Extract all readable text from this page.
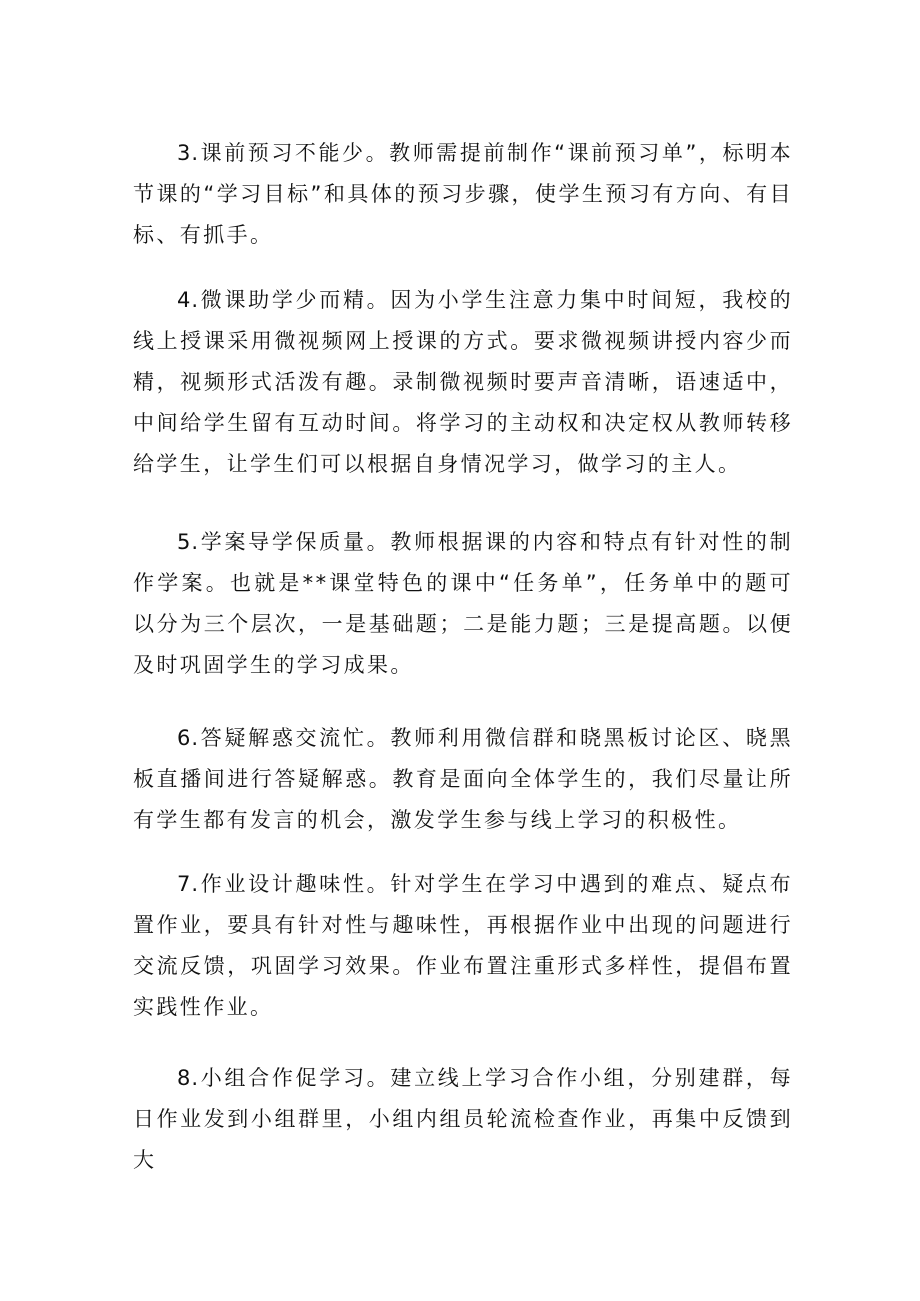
3.课前预习不能少。教师需提前制作“课前预习单”，标明本节课的“学习目标”和具体的预习步骤，使学生预习有方向、有目标、有抓手。

4.微课助学少而精。因为小学生注意力集中时间短，我校的线上授课采用微视频网上授课的方式。要求微视频讲授内容少而精，视频形式活泼有趣。录制微视频时要声音清晰，语速适中，中间给学生留有互动时间。将学习的主动权和决定权从教师转移给学生，让学生们可以根据自身情况学习，做学习的主人。

5.学案导学保质量。教师根据课的内容和特点有针对性的制作学案。也就是**课堂特色的课中“任务单”，任务单中的题可以分为三个层次，一是基础题；二是能力题；三是提高题。以便及时巩固学生的学习成果。

6.答疑解惑交流忙。教师利用微信群和晓黑板讨论区、晓黑板直播间进行答疑解惑。教育是面向全体学生的，我们尽量让所有学生都有发言的机会，激发学生参与线上学习的积极性。

7.作业设计趣味性。针对学生在学习中遇到的难点、疑点布置作业，要具有针对性与趣味性，再根据作业中出现的问题进行交流反馈，巩固学习效果。作业布置注重形式多样性，提倡布置实践性作业。

8.小组合作促学习。建立线上学习合作小组，分别建群，每日作业发到小组群里，小组内组员轮流检查作业，再集中反馈到大
